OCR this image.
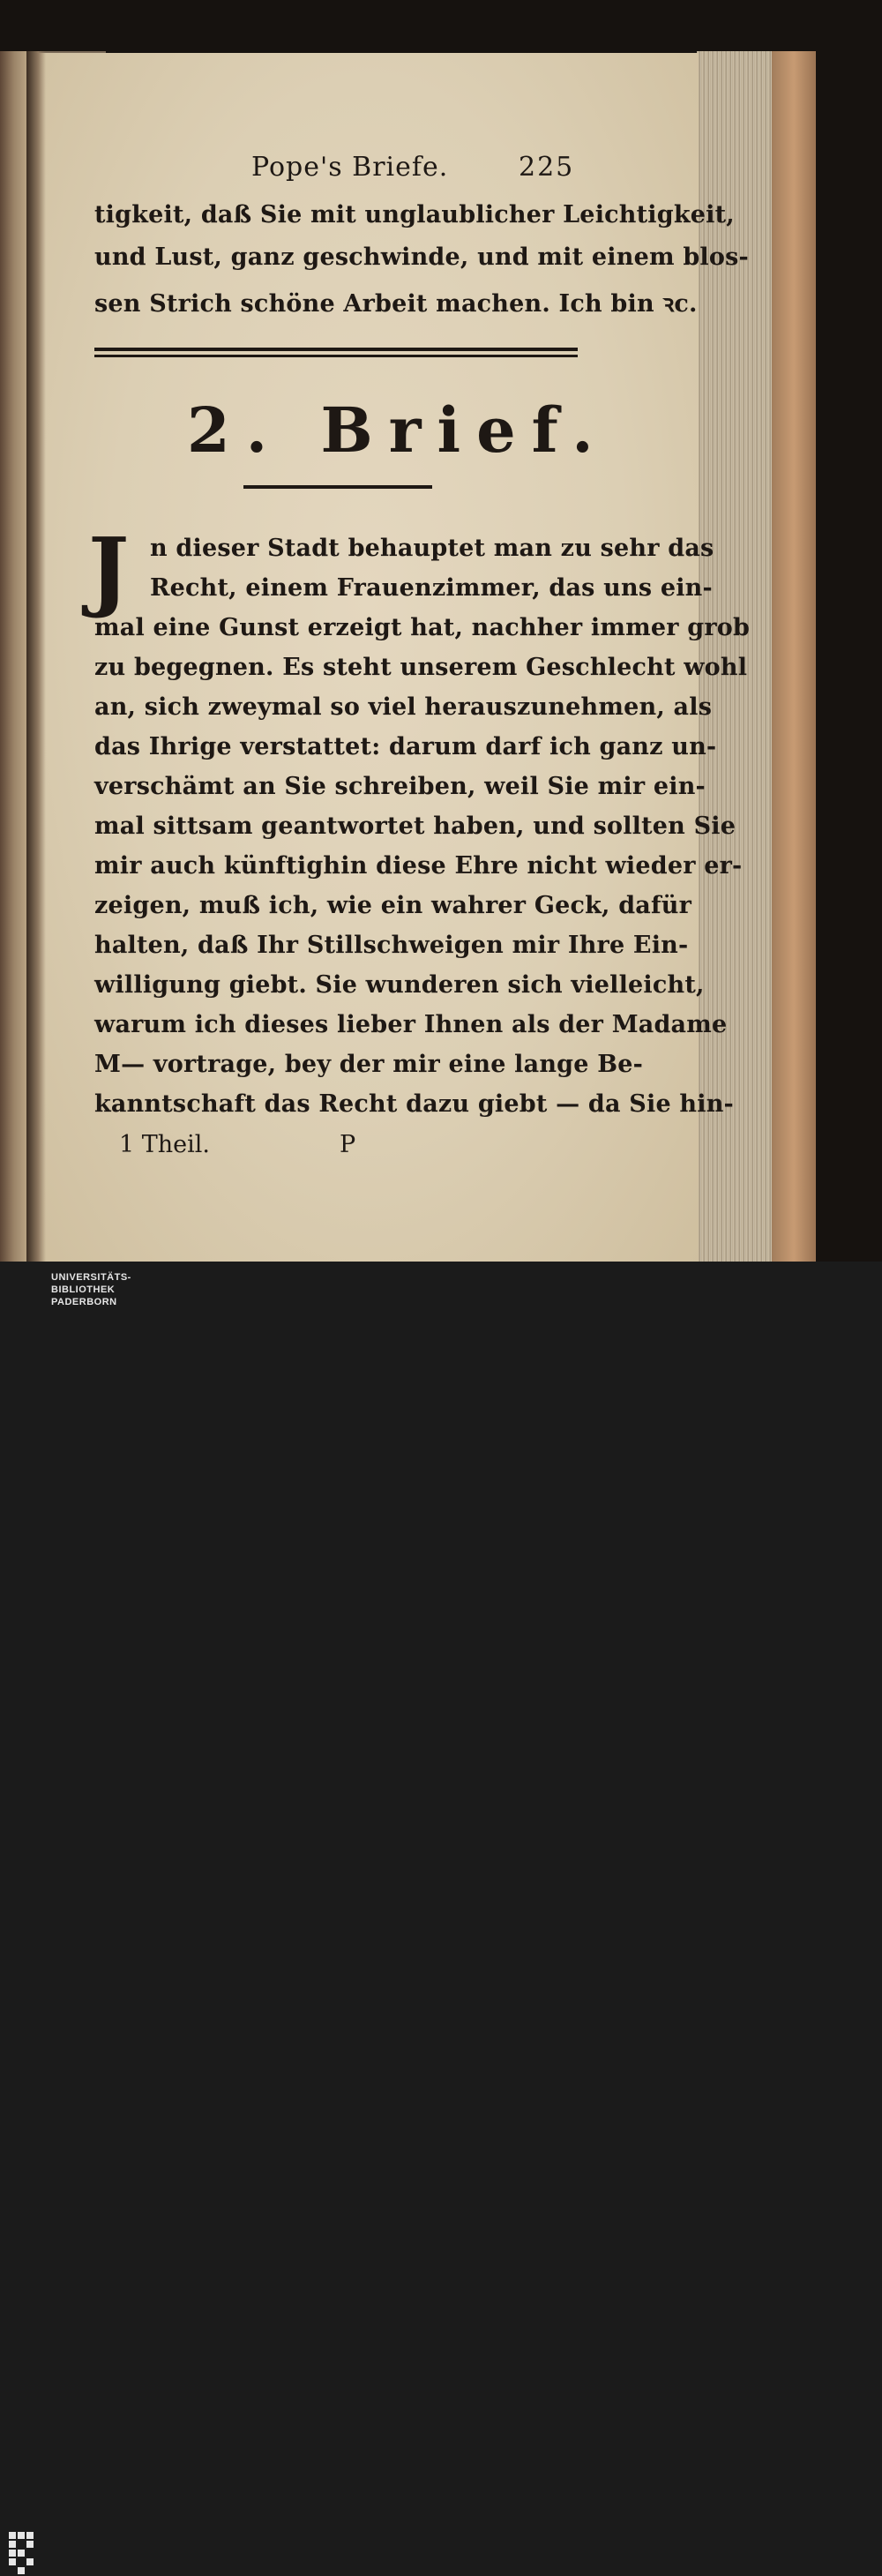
Pope's Briefe.	225
tigkeit, daß Sie mit unglaublicher Leichtigkeit,
und Lust, ganz geschwinde, und mit einem blos-
sen Strich schöne Arbeit machen. Ich bin ꝛc.
2. Brief.
J n dieser Stadt behauptet man zu sehr das
Recht, einem Frauenzimmer, das uns ein-
mal eine Gunst erzeigt hat, nachher immer grob
zu begegnen. Es steht unserem Geschlecht wohl
an, sich zweymal so viel herauszunehmen, als
das Ihrige verstattet: darum darf ich ganz un-
verschämt an Sie schreiben, weil Sie mir ein-
mal sittsam geantwortet haben, und sollten Sie
mir auch künftighin diese Ehre nicht wieder er-
zeigen, muß ich, wie ein wahrer Geck, dafür
halten, daß Ihr Stillschweigen mir Ihre Ein-
willigung giebt. Sie wunderen sich vielleicht,
warum ich dieses lieber Ihnen als der Madame
M— vortrage, bey der mir eine lange Be-
kanntschaft das Recht dazu giebt — da Sie hin-
1 Theil.	P
UNIVERSITÄTS-
BIBLIOTHEK
PADERBORN
